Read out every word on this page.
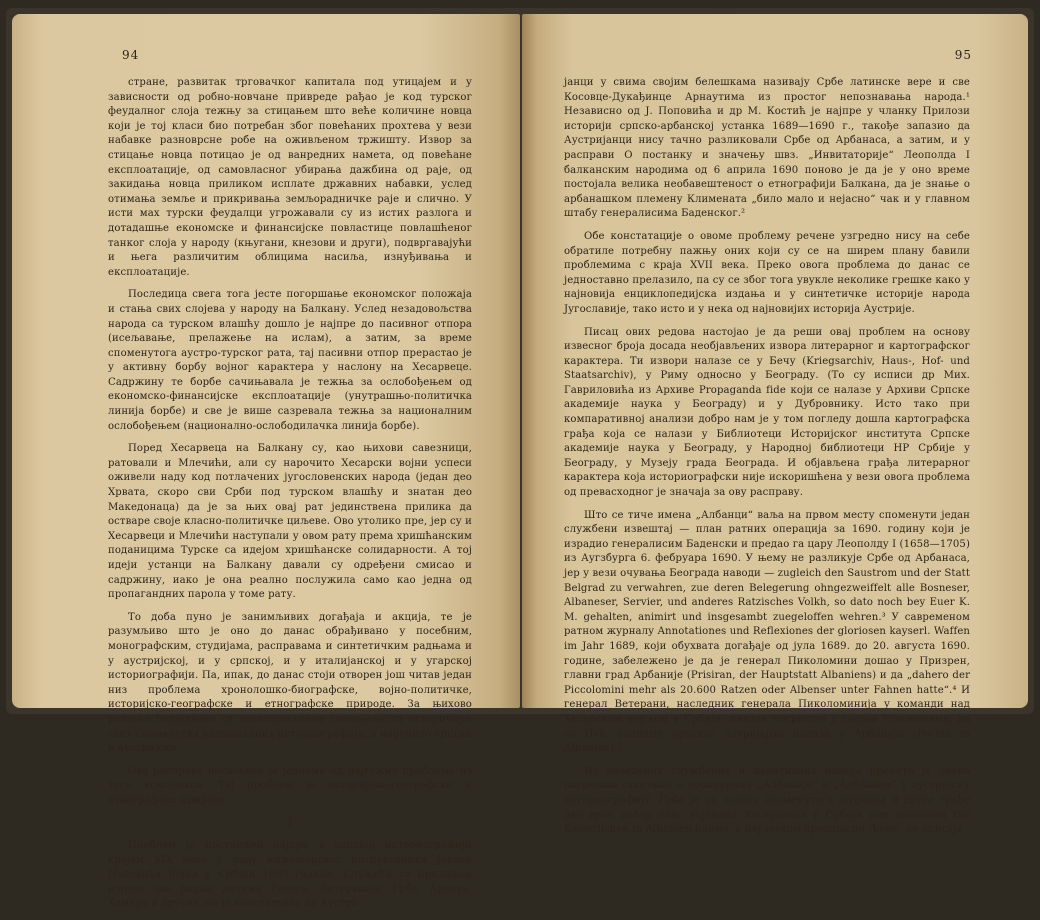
94

стране, развитак трговачког капитала под утицајем и у зависности од робно-новчане привреде рађао је код турског феудалног слоја тежњу за стицањем што веће количине новца који је тој класи био потребан због повећаних прохтева у вези набавке разноврсне робе на оживљеном тржишту. Извор за стицање новца потицао је од ванредних намета, од повећане експлоатације, од самовласног убирања дажбина од раје, од закидања новца приликом исплате државних набавки, услед отимања земље и прикривања земљорадничке раје и слично. У исти мах турски феудалци угрожавали су из истих разлога и дотадашње економске и финансијске повластице повлашћеног танког слоја у народу (књугани, кнезови и други), подвргавајући и њега различитим облицима насиља, изнуђивања и експлоатације.

Последица свега тога јесте погоршање економског положаја и стања свих слојева у народу на Балкану. Услед незадовољства народа са турском влашћу дошло је најпре до пасивног отпора (исељавање, прелажење на ислам), а затим, за време споменутога аустро-турског рата, тај пасивни отпор прерастао је у активну борбу војног карактера у наслону на Хесарвеце. Садржину те борбе сачињавала је тежња за ослобођењем од економско-финансијске експлоатације (унутрашњо-политичка линија борбе) и све је више сазревала тежња за националним ослобођењем (национално-ослободилачка линија борбе).

Поред Хесарвеца на Балкану су, као њихови савезници, ратовали и Млечићи, али су нарочито Хесарски војни успеси оживели наду код потлачених југословенских народа (један део Хрвата, скоро сви Срби под турском влашћу и знатан део Македонаца) да је за њих овај рат јединствена прилика да остваре своје класно-политичке циљеве. Ово утолико пре, јер су и Хесарвеци и Млечићи наступали у овом рату према хришћанским поданицима Турске са идејом хришћанске солидарности. А тој идеји устанци на Балкану давали су одређени смисао и садржину, иако је она реално послужила само као једна од пропагандних парола у томе рату.

То доба пуно је занимљивих догађаја и акција, те је разумљиво што је оно до данас обрађивано у посебним, монографским, студијама, расправама и синтетичким радњама и у аустријској, и у српској, и у италијанској и у угарској историографији. Па, ипак, до данас стоји отворен још читав један низ проблема хронолошко-биографске, војно-политичке, историјско-географске и етнографске природе. За њихово решење подједнако су заинтересовани специјалисти историчари свих споменутих националних историографија, а нарочито српске и аустријске.

Ова расправа посвећена је једноме од најтежих проблема из тога комплекса. Тај проблем је историјско-географске и етнографске природе.

I

Проблем је постављен најпре у српској историографији крајем XIX века у раду инжењерског потпуковника Јована Поповића Војна у Србији 1689 године. Служећи се приликом израде ове радње делима Редера, Ветеранија, Грбе, Арнета, Хамера и других, он је констатовао да Аустри-

95

јанци у свима својим белешкама називају Србе латинске вере и све Косовце-Дукађинце Арнаутима из простог непознавања народа.¹ Независно од Ј. Поповића и др М. Костић је најпре у чланку Прилози историји српско-арбанској устанка 1689—1690 г., такође запазио да Аустријанци нису тачно разликовали Србе од Арбанаса, а затим, и у расправи О постанку и значењу швз. „Инвитаторије“ Леополда I балканским народима од 6 априла 1690 поново је да је у оно време постојала велика необавештеност о етнографији Балкана, да је знање о арбанашком племену Климената „било мало и нејасно“ чак и у главном штабу генералисима Баденског.²

Обе констатације о овоме проблему речене узгредно нису на себе обратиле потребну пажњу оних који су се на ширем плану бавили проблемима с краја XVII века. Преко овога проблема до данас се једноставно прелазило, па су се због тога увукле неколике грешке како у најновија енциклопедијска издања и у синтетичке историје народа Југославије, тако исто и у нека од најновијих историја Аустрије.

Писац ових редова настојао је да реши овај проблем на основу извесног броја досада необјављених извора литерарног и картографског карактера. Ти извори налазе се у Бечу (Kriegsarchiv, Haus-, Hof- und Staatsarchiv), у Риму односно у Београду. (То су исписи др Мих. Гавриловића из Архиве Propaganda fide који се налазе у Архиви Српске академије наука у Београду) и у Дубровнику. Исто тако при компаративној анализи добро нам је у том погледу дошла картографска грађа која се налази у Библиотеци Историјског института Српске академије наука у Београду, у Народној библиотеци НР Србије у Београду, у Музеју града Београда. И објављена грађа литерарног карактера која историографски није искоришћена у вези овога проблема од превасходног је значаја за ову расправу.

Што се тиче имена „Албанци“ ваља на првом месту споменути један службени извештај — план ратних операција за 1690. годину који је израдио генералисим Баденски и предао га цару Леополду I (1658—1705) из Аугзбурга 6. фебруара 1690. У њему не разликује Србе од Арбанаса, јер у вези очувања Београда наводи — zugleich den Saustrom und der Statt Belgrad zu verwahren, zue deren Belegerung ohngezweiffelt alle Bosneser, Albaneser, Servier, und anderes Ratzisches Volkh, so dato noch bey Euer K. M. gehalten, animirt und insgesambt zuegeloffen wehren.³ У савременом ратном журналу Annotationes und Reflexiones der gloriosen kayserl. Waffen im Jahr 1689, који обухвата догађаје од јула 1689. до 20. августа 1690. године, забележено је да је генерал Пиколомини дошао у Призрен, главни град Арбаније (Prisiran, der Hauptstatt Albaniens) и да „dahero der Piccolomini mehr als 20.600 Ratzen oder Albenser unter Fahnen hatte“.⁴ И генерал Ветерани, наследник генерала Пиколоминија у команди над Хесарском војском у Србији, наводи погрешно у својим Успоменама, да се Пећ, седиште српског патријарха налази у Арбанији (Pechia in Albanien).⁵

Из наведених службених и наративних извора пренето је овако погрешно схватање о простирању „Албаније“ и „Албанаца“ у аустријску историографију. Грба је на основу споменутога журнала и друге грађе дао врло добар опис војевања Хесараваца у Србији под насловом Die Kaiserlichen in Albanien наиме, с изузетком продора до Љуме, не описује
